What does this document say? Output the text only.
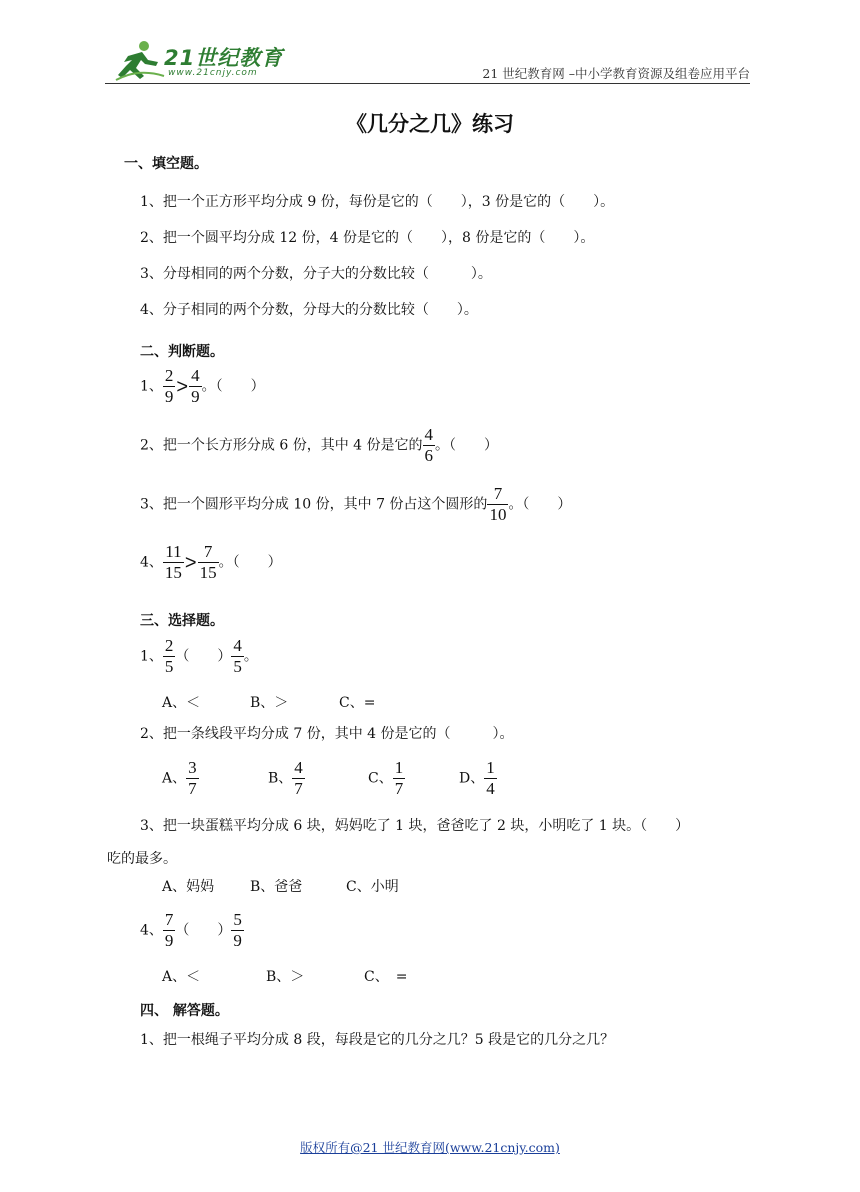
21世纪教育
www.21cnjy.com	21 世纪教育网 –中小学教育资源及组卷应用平台
《几分之几》练习
一、填空题。
1、把一个正方形平均分成 9 份，每份是它的（　　），3 份是它的（　　）。
2、把一个圆平均分成 12 份，4 份是它的（　　），8 份是它的（　　）。
3、分母相同的两个分数，分子大的分数比较（　　　）。
4、分子相同的两个分数，分母大的分数比较（　　）。
二、判断题。
1、 $\frac{2}{9} > \frac{4}{9}$ 。（　　）
2、把一个长方形分成 6 份，其中 4 份是它的 $\frac{4}{6}$ 。（　　）
3、把一个圆形平均分成 10 份，其中 7 份占这个圆形的 $\frac{7}{10}$ 。（　　）
4、 $\frac{11}{15} > \frac{7}{15}$ 。（　　）
三、选择题。
1、 $\frac{2}{5}$ （　　） $\frac{4}{5}$ 。
A、＜	B、＞	C、=
2、把一条线段平均分成 7 份，其中 4 份是它的（　　　）。
A、 $\frac{3}{7}$	B、 $\frac{4}{7}$	C、 $\frac{1}{7}$	D、 $\frac{1}{4}$
3、把一块蛋糕平均分成 6 块，妈妈吃了 1 块，爸爸吃了 2 块，小明吃了 1 块。（　　）
吃的最多。
A、妈妈	B、爸爸	C、小明
4、 $\frac{7}{9}$ （　　） $\frac{5}{9}$
A、＜	B、＞	C、　=
四、 解答题。
1、把一根绳子平均分成 8 段，每段是它的几分之几？5 段是它的几分之几？
版权所有@21 世纪教育网(www.21cnjy.com)
